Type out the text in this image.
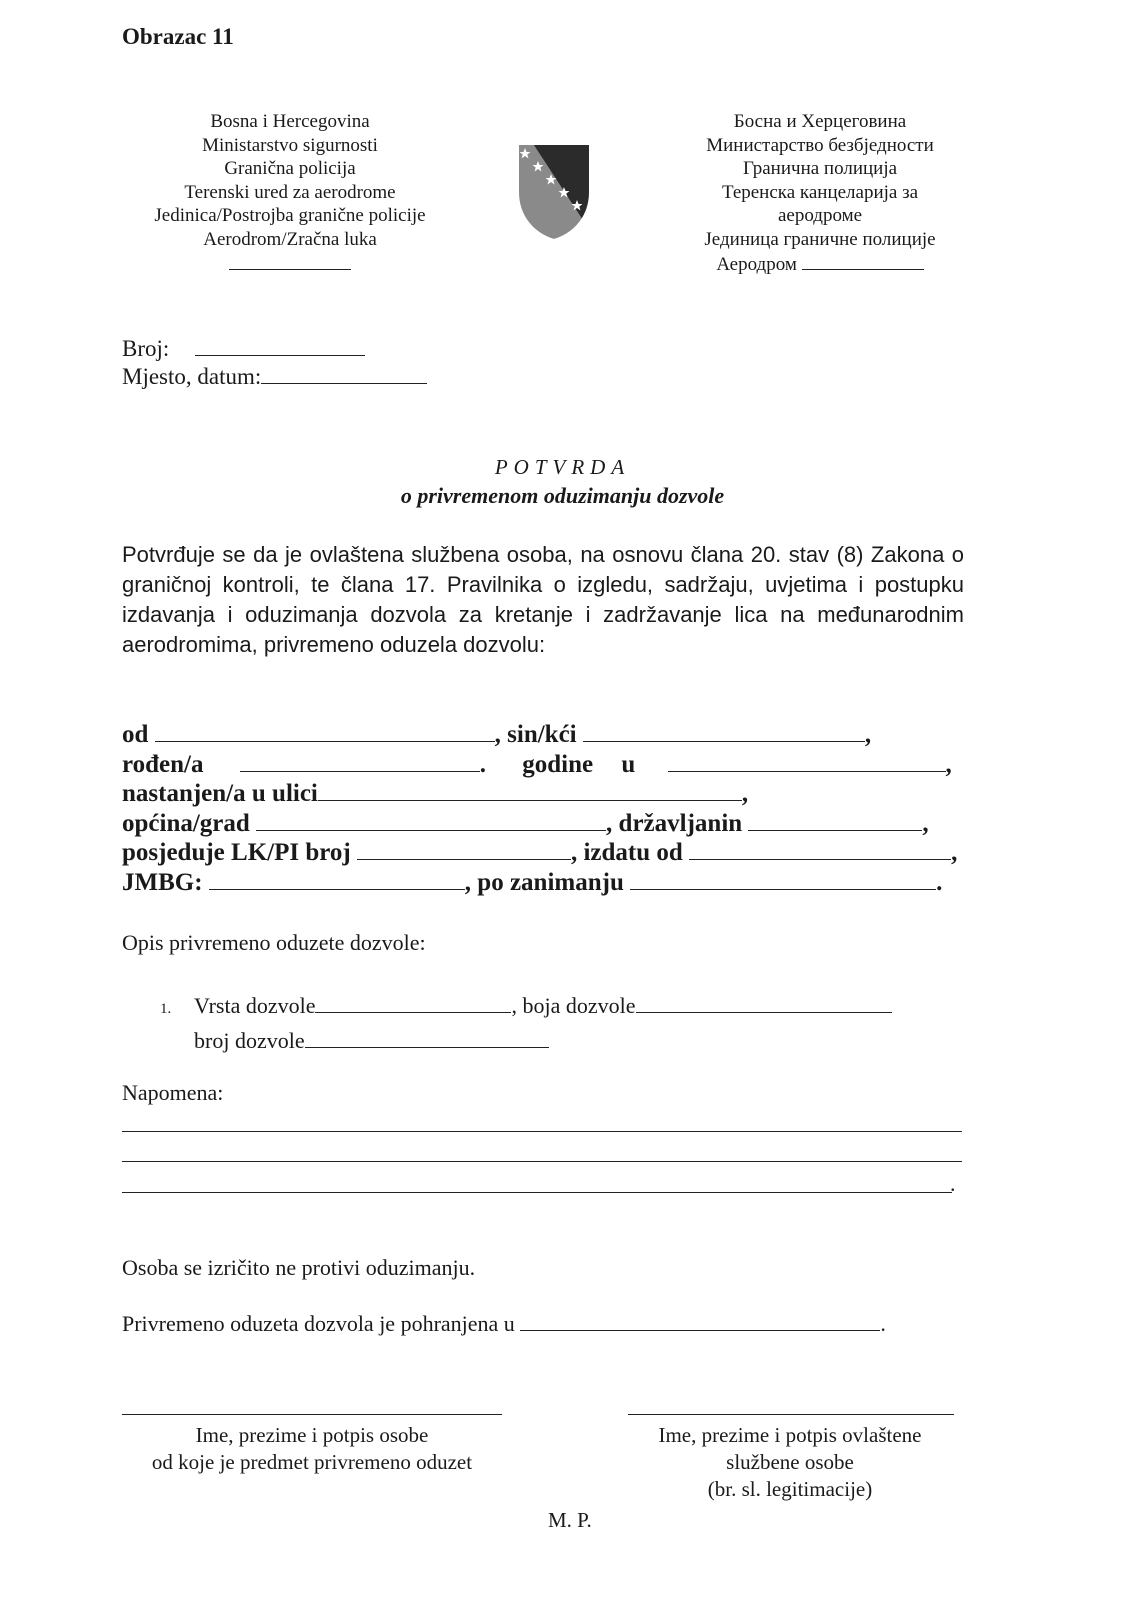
Obrazac 11
Bosna i Hercegovina
Ministarstvo sigurnosti
Granična policija
Terenski ured za aerodrome
Jedinica/Postrojba granične policije
Aerodrom/Zračna luka
Босна и Херцеговина
Министарство безбједности
Гранична полиција
Теренска канцеларија за
аеродроме
Јединица граничне полиције
Аеродром
Broj:
Mjesto, datum:
POTVRDA
o privremenom oduzimanju dozvole
Potvrđuje se da je ovlaštena službena osoba, na osnovu člana 20. stav (8) Zakona o graničnoj kontroli, te člana 17. Pravilnika o izgledu, sadržaju, uvjetima i postupku izdavanja i oduzimanja dozvola za kretanje i zadržavanje lica na međunarodnim aerodromima, privremeno oduzela dozvolu:
od	, sin/kći	,
rođen/a	. godine u	,
nastanjen/a u ulici	,
općina/grad	, državljanin	,
posjeduje LK/PI broj	, izdatu od	,
JMBG:	, po zanimanju	.
Opis privremeno oduzete dozvole:
1. Vrsta dozvole	, boja dozvole
broj dozvole
Napomena:
.
Osoba se izričito ne protivi oduzimanju.
Privremeno oduzeta dozvola je pohranjena u	.
Ime, prezime i potpis osobe
od koje je predmet privremeno oduzet
Ime, prezime i potpis ovlaštene
službene osobe
(br. sl. legitimacije)
M. P.
